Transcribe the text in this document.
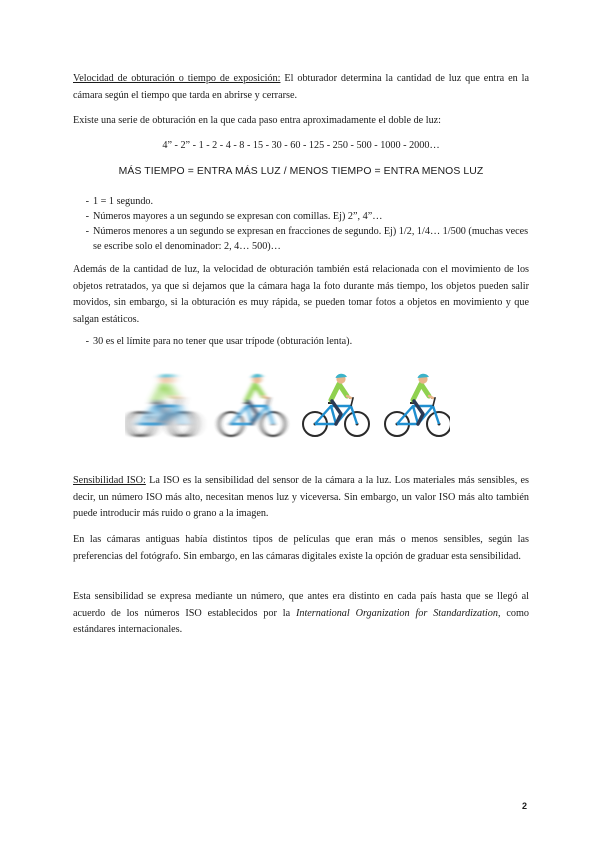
Velocidad de obturación o tiempo de exposición: El obturador determina la cantidad de luz que entra en la cámara según el tiempo que tarda en abrirse y cerrarse.

Existe una serie de obturación en la que cada paso entra aproximadamente el doble de luz:

4” - 2” - 1 - 2 - 4 - 8 - 15 - 30 - 60 - 125 - 250 - 500 - 1000 - 2000…

MÁS TIEMPO = ENTRA MÁS LUZ / MENOS TIEMPO = ENTRA MENOS LUZ

- 1 = 1 segundo.
- Números mayores a un segundo se expresan con comillas. Ej) 2”, 4”…
- Números menores a un segundo se expresan en fracciones de segundo. Ej) 1/2, 1/4… 1/500 (muchas veces se escribe solo el denominador: 2, 4… 500)…

Además de la cantidad de luz, la velocidad de obturación también está relacionada con el movimiento de los objetos retratados, ya que si dejamos que la cámara haga la foto durante más tiempo, los objetos pueden salir movidos, sin embargo, si la obturación es muy rápida, se pueden tomar fotos a objetos en movimiento y que salgan estáticos.

- 30 es el límite para no tener que usar trípode (obturación lenta).

Sensibilidad ISO: La ISO es la sensibilidad del sensor de la cámara a la luz. Los materiales más sensibles, es decir, un número ISO más alto, necesitan menos luz y viceversa. Sin embargo, un valor ISO más alto también puede introducir más ruido o grano a la imagen.

En las cámaras antiguas había distintos tipos de películas que eran más o menos sensibles, según las preferencias del fotógrafo. Sin embargo, en las cámaras digitales existe la opción de graduar esta sensibilidad.

Esta sensibilidad se expresa mediante un número, que antes era distinto en cada país hasta que se llegó al acuerdo de los números ISO establecidos por la International Organization for Standardization, como estándares internacionales.

2
